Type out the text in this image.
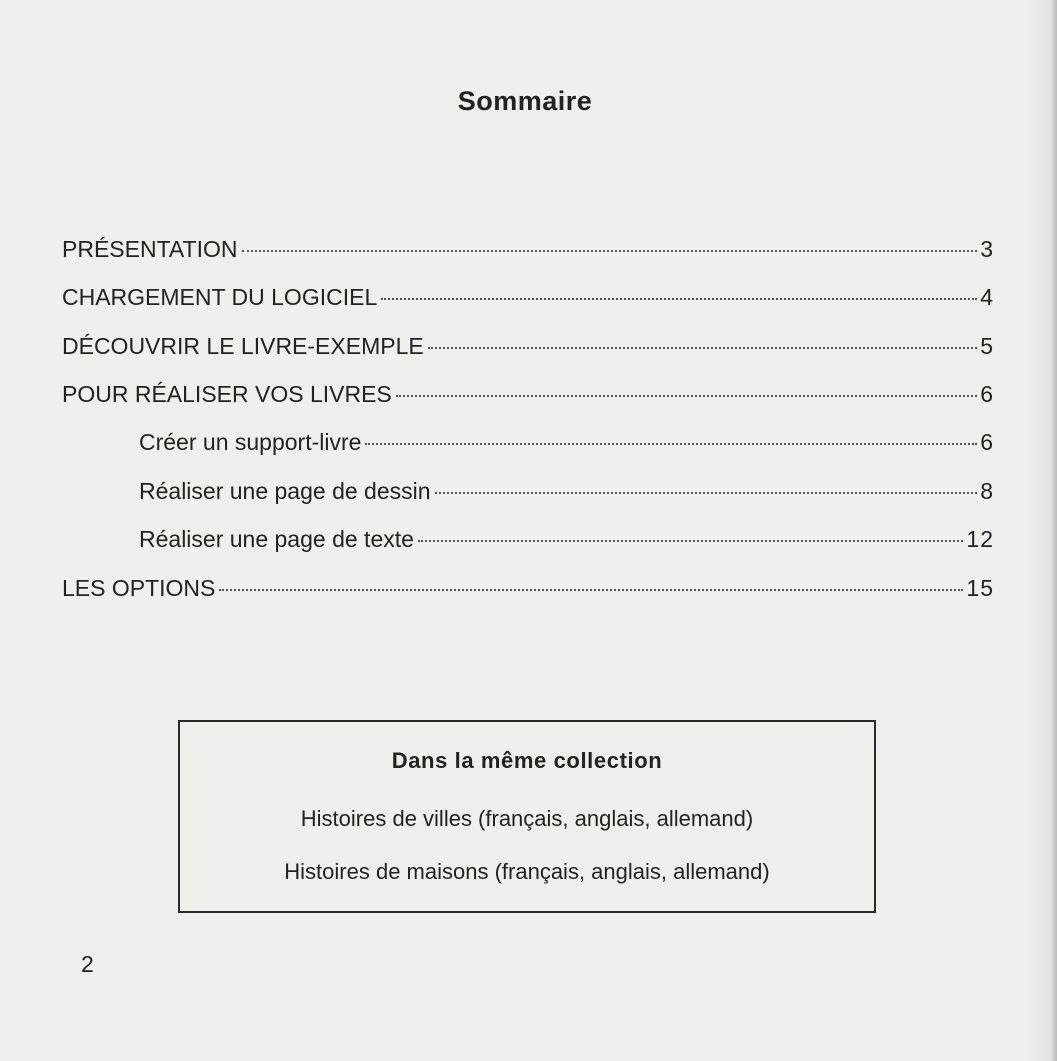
Sommaire
PRÉSENTATION	3
CHARGEMENT DU LOGICIEL	4
DÉCOUVRIR LE LIVRE-EXEMPLE	5
POUR RÉALISER VOS LIVRES	6
Créer un support-livre	6
Réaliser une page de dessin	8
Réaliser une page de texte	12
LES OPTIONS	15
Dans la même collection
Histoires de villes (français, anglais, allemand)
Histoires de maisons (français, anglais, allemand)
2
